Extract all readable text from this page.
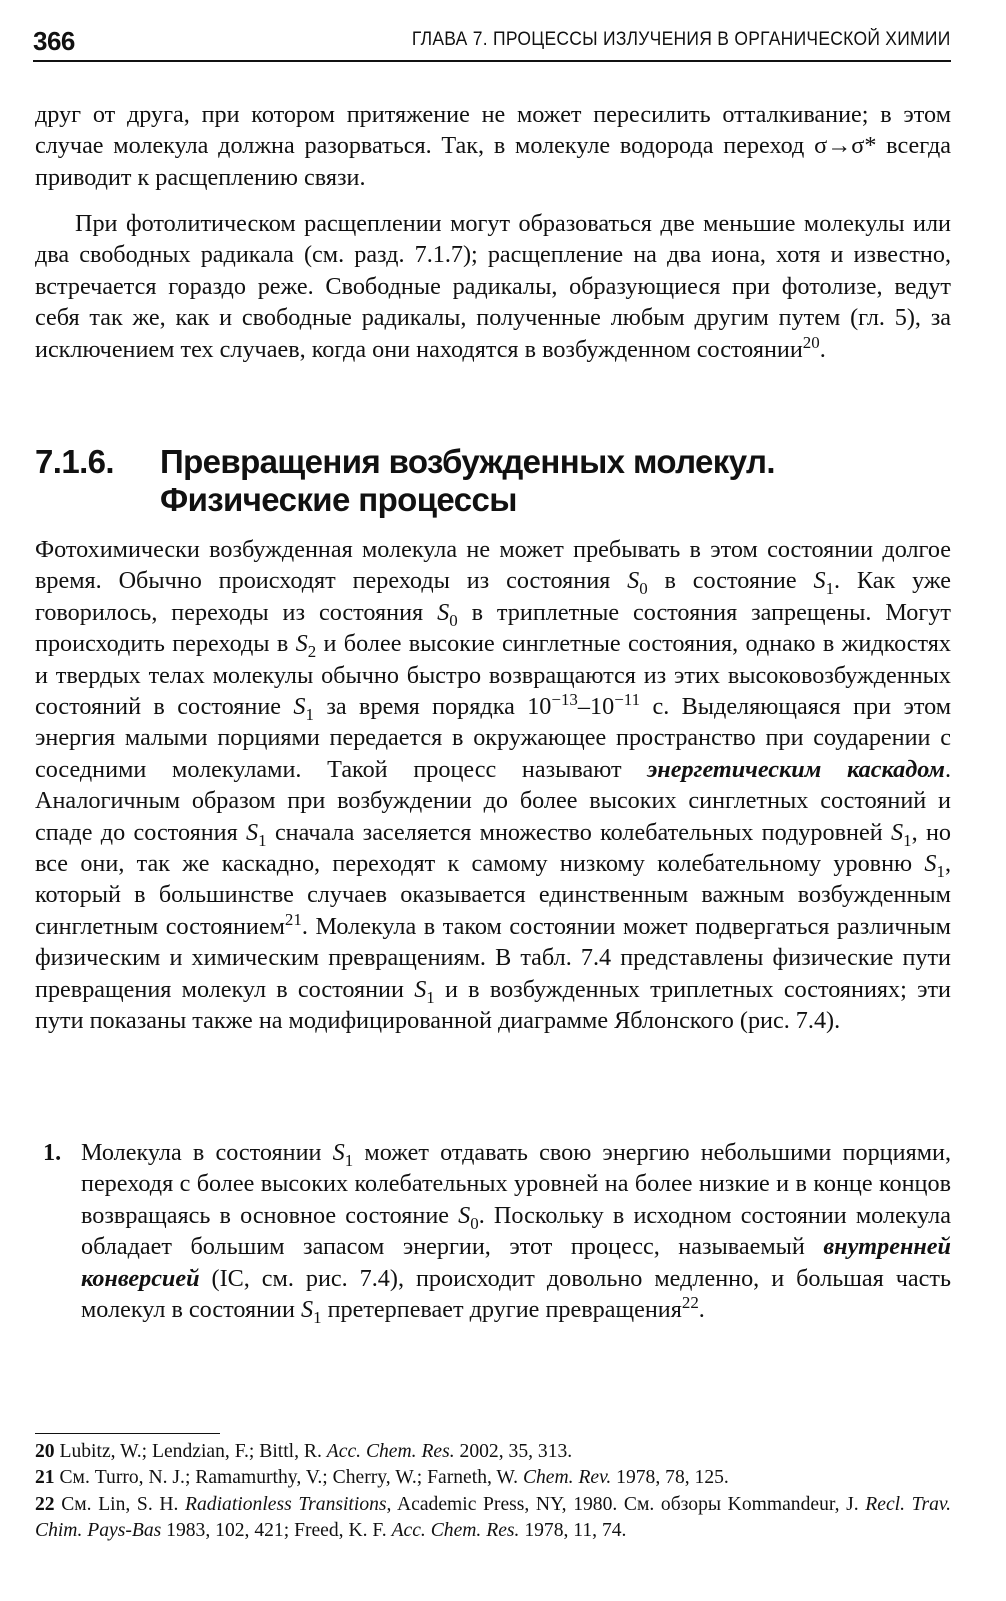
366	ГЛАВА 7. ПРОЦЕССЫ ИЗЛУЧЕНИЯ В ОРГАНИЧЕСКОЙ ХИМИИ

друг от друга, при котором притяжение не может пересилить отталкивание; в этом случае молекула должна разорваться. Так, в молекуле водорода переход σ→σ* всегда приводит к расщеплению связи.

При фотолитическом расщеплении могут образоваться две меньшие молекулы или два свободных радикала (см. разд. 7.1.7); расщепление на два иона, хотя и известно, встречается гораздо реже. Свободные радикалы, образующиеся при фотолизе, ведут себя так же, как и свободные радикалы, полученные любым другим путем (гл. 5), за исключением тех случаев, когда они находятся в возбужденном состоянии$^{20}$.

7.1.6. Превращения возбужденных молекул.
Физические процессы

Фотохимически возбужденная молекула не может пребывать в этом состоянии долгое время. Обычно происходят переходы из состояния $S_0$ в состояние $S_1$. Как уже говорилось, переходы из состояния $S_0$ в триплетные состояния запрещены. Могут происходить переходы в $S_2$ и более высокие синглетные состояния, однако в жидкостях и твердых телах молекулы обычно быстро возвращаются из этих высоковозбужденных состояний в состояние $S_1$ за время порядка $10^{-13}-10^{-11}$ с. Выделяющаяся при этом энергия малыми порциями передается в окружающее пространство при соударении с соседними молекулами. Такой процесс называют энергетическим каскадом. Аналогичным образом при возбуждении до более высоких синглетных состояний и спаде до состояния $S_1$ сначала заселяется множество колебательных подуровней $S_1$, но все они, так же каскадно, переходят к самому низкому колебательному уровню $S_1$, который в большинстве случаев оказывается единственным важным возбужденным синглетным состоянием$^{21}$. Молекула в таком состоянии может подвергаться различным физическим и химическим превращениям. В табл. 7.4 представлены физические пути превращения молекул в состоянии $S_1$ и в возбужденных триплетных состояниях; эти пути показаны также на модифицированной диаграмме Яблонского (рис. 7.4).

1. Молекула в состоянии $S_1$ может отдавать свою энергию небольшими порциями, переходя с более высоких колебательных уровней на более низкие и в конце концов возвращаясь в основное состояние $S_0$. Поскольку в исходном состоянии молекула обладает большим запасом энергии, этот процесс, называемый внутренней конверсией (IC, см. рис. 7.4), происходит довольно медленно, и большая часть молекул в состоянии $S_1$ претерпевает другие превращения$^{22}$.

20 Lubitz, W.; Lendzian, F.; Bittl, R. Acc. Chem. Res. 2002, 35, 313.

21 См. Turro, N. J.; Ramamurthy, V.; Cherry, W.; Farneth, W. Chem. Rev. 1978, 78, 125.

22 См. Lin, S. H. Radiationless Transitions, Academic Press, NY, 1980. См. обзоры Kommandeur, J. Recl. Trav. Chim. Pays-Bas 1983, 102, 421; Freed, K. F. Acc. Chem. Res. 1978, 11, 74.
